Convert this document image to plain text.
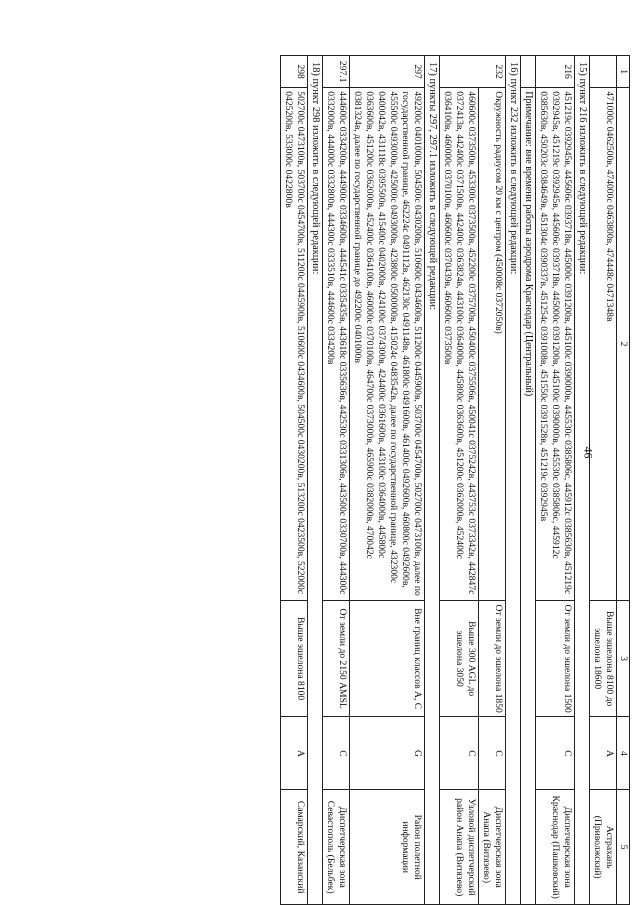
46
1	2	3	4	5
	471000с 0462500в, 474000с 0463800в, 474448с 0471348в	Выше эшелона 8100 до эшелона 18600	A	Астрахань (Приволжский)
15) пункт 216 изложить в следующей редакции:				
216	451219с 0392945в, 445606с 0393718в, 445000с 0391200в, 445100с 0390000в, 445530с 0385806с, 445912с 0385630в, 451219с 0392945в, 451219с 0392945в, 445606с 0393718в, 445000с 0391200в, 445100с 0390000в, 445530с 0385806с, 445912с 0385630в, 450203с 0384649в, 451304с 0390337в, 451254с 0391008в, 451550с 0391528в, 451219с 0392945в	От земли до эшелона 1500	C	Диспетчерская зона Краснодар (Пашковский)
	Примечание: вне времени работы аэродрома Краснодар (Центральный)			
16) пункт 232 изложить в следующей редакции:				
232	Окружность радиусом 20 км с центром (450008с 0372050в)	От земли до эшелона 1850	C	Диспетчерская зона Анапа (Витязево)
	460600с 0373500в, 453300с 0373500в, 452200с 0375700в, 450400с 0375506в, 450041с 0375242в, 443753с 0373342в, 442847с 0372413в, 442400с 0371500в, 442400с 0363824в, 443100с 0364000в, 445800с 0363600в, 451200с 0362000в, 452400с 0364100в, 460000с 0370100в, 460600с 0370439в, 460600с 0373500в	Выше 300 AGL до эшелона 3050	C	Узловой диспетчерский район Анапа (Витязево)
17) пункты 297, 297.1 изложить в следующей редакции:				
297	492200с 0401000в, 504500с 0430200в, 510600с 0434600в, 511200с 0445900в, 503700с 0454700в, 502700с 0473100в, далее по государственной границе, 462224с 0491112в, 462130с 0491148в, 461800с 0491600в, 461400с 0492600в, 460800с 0492600в, 455500с 0493000в, 425000с 0493000в, 423800с 0500000в, 415024с 0483542в, далее по государственной границе, 432300с 0400042в, 431118с 0395500в, 415400с 0402000в, 424100с 0374300в, 424400с 0361600в, 443100с 0364000в, 445800с 0363600в, 451200с 0362000в, 452400с 0364100в, 460000с 0370100в, 464700с 0373000в, 465900с 0382000в, 470042с 0381324в, далее по государственной границе до 492200с 0401000в	Вне границ классов A, C	G	Район полетной информации
297.1	444600с 0334200в, 444900с 0334600в, 444541с 0335435в, 443618с 0335636в, 442530с 0331306в, 443500с 0330700в, 444300с 0332000в, 444000с 0332800в, 444300с 0333510в, 444600с 0334200в	От земли до 2150 AMSL	C	Диспетчерская зона Севастополь (Бельбек)
18) пункт 298 изложить в следующей редакции:				
298	502700с 0473100в, 503700с 0454700в, 511200с 0445900в, 510600с 0434600в, 504500с 0430200в, 513200с 0423500в, 522000с 0425200в, 533000с 0422800в	Выше эшелона 8100	A	Самарский, Казанский
